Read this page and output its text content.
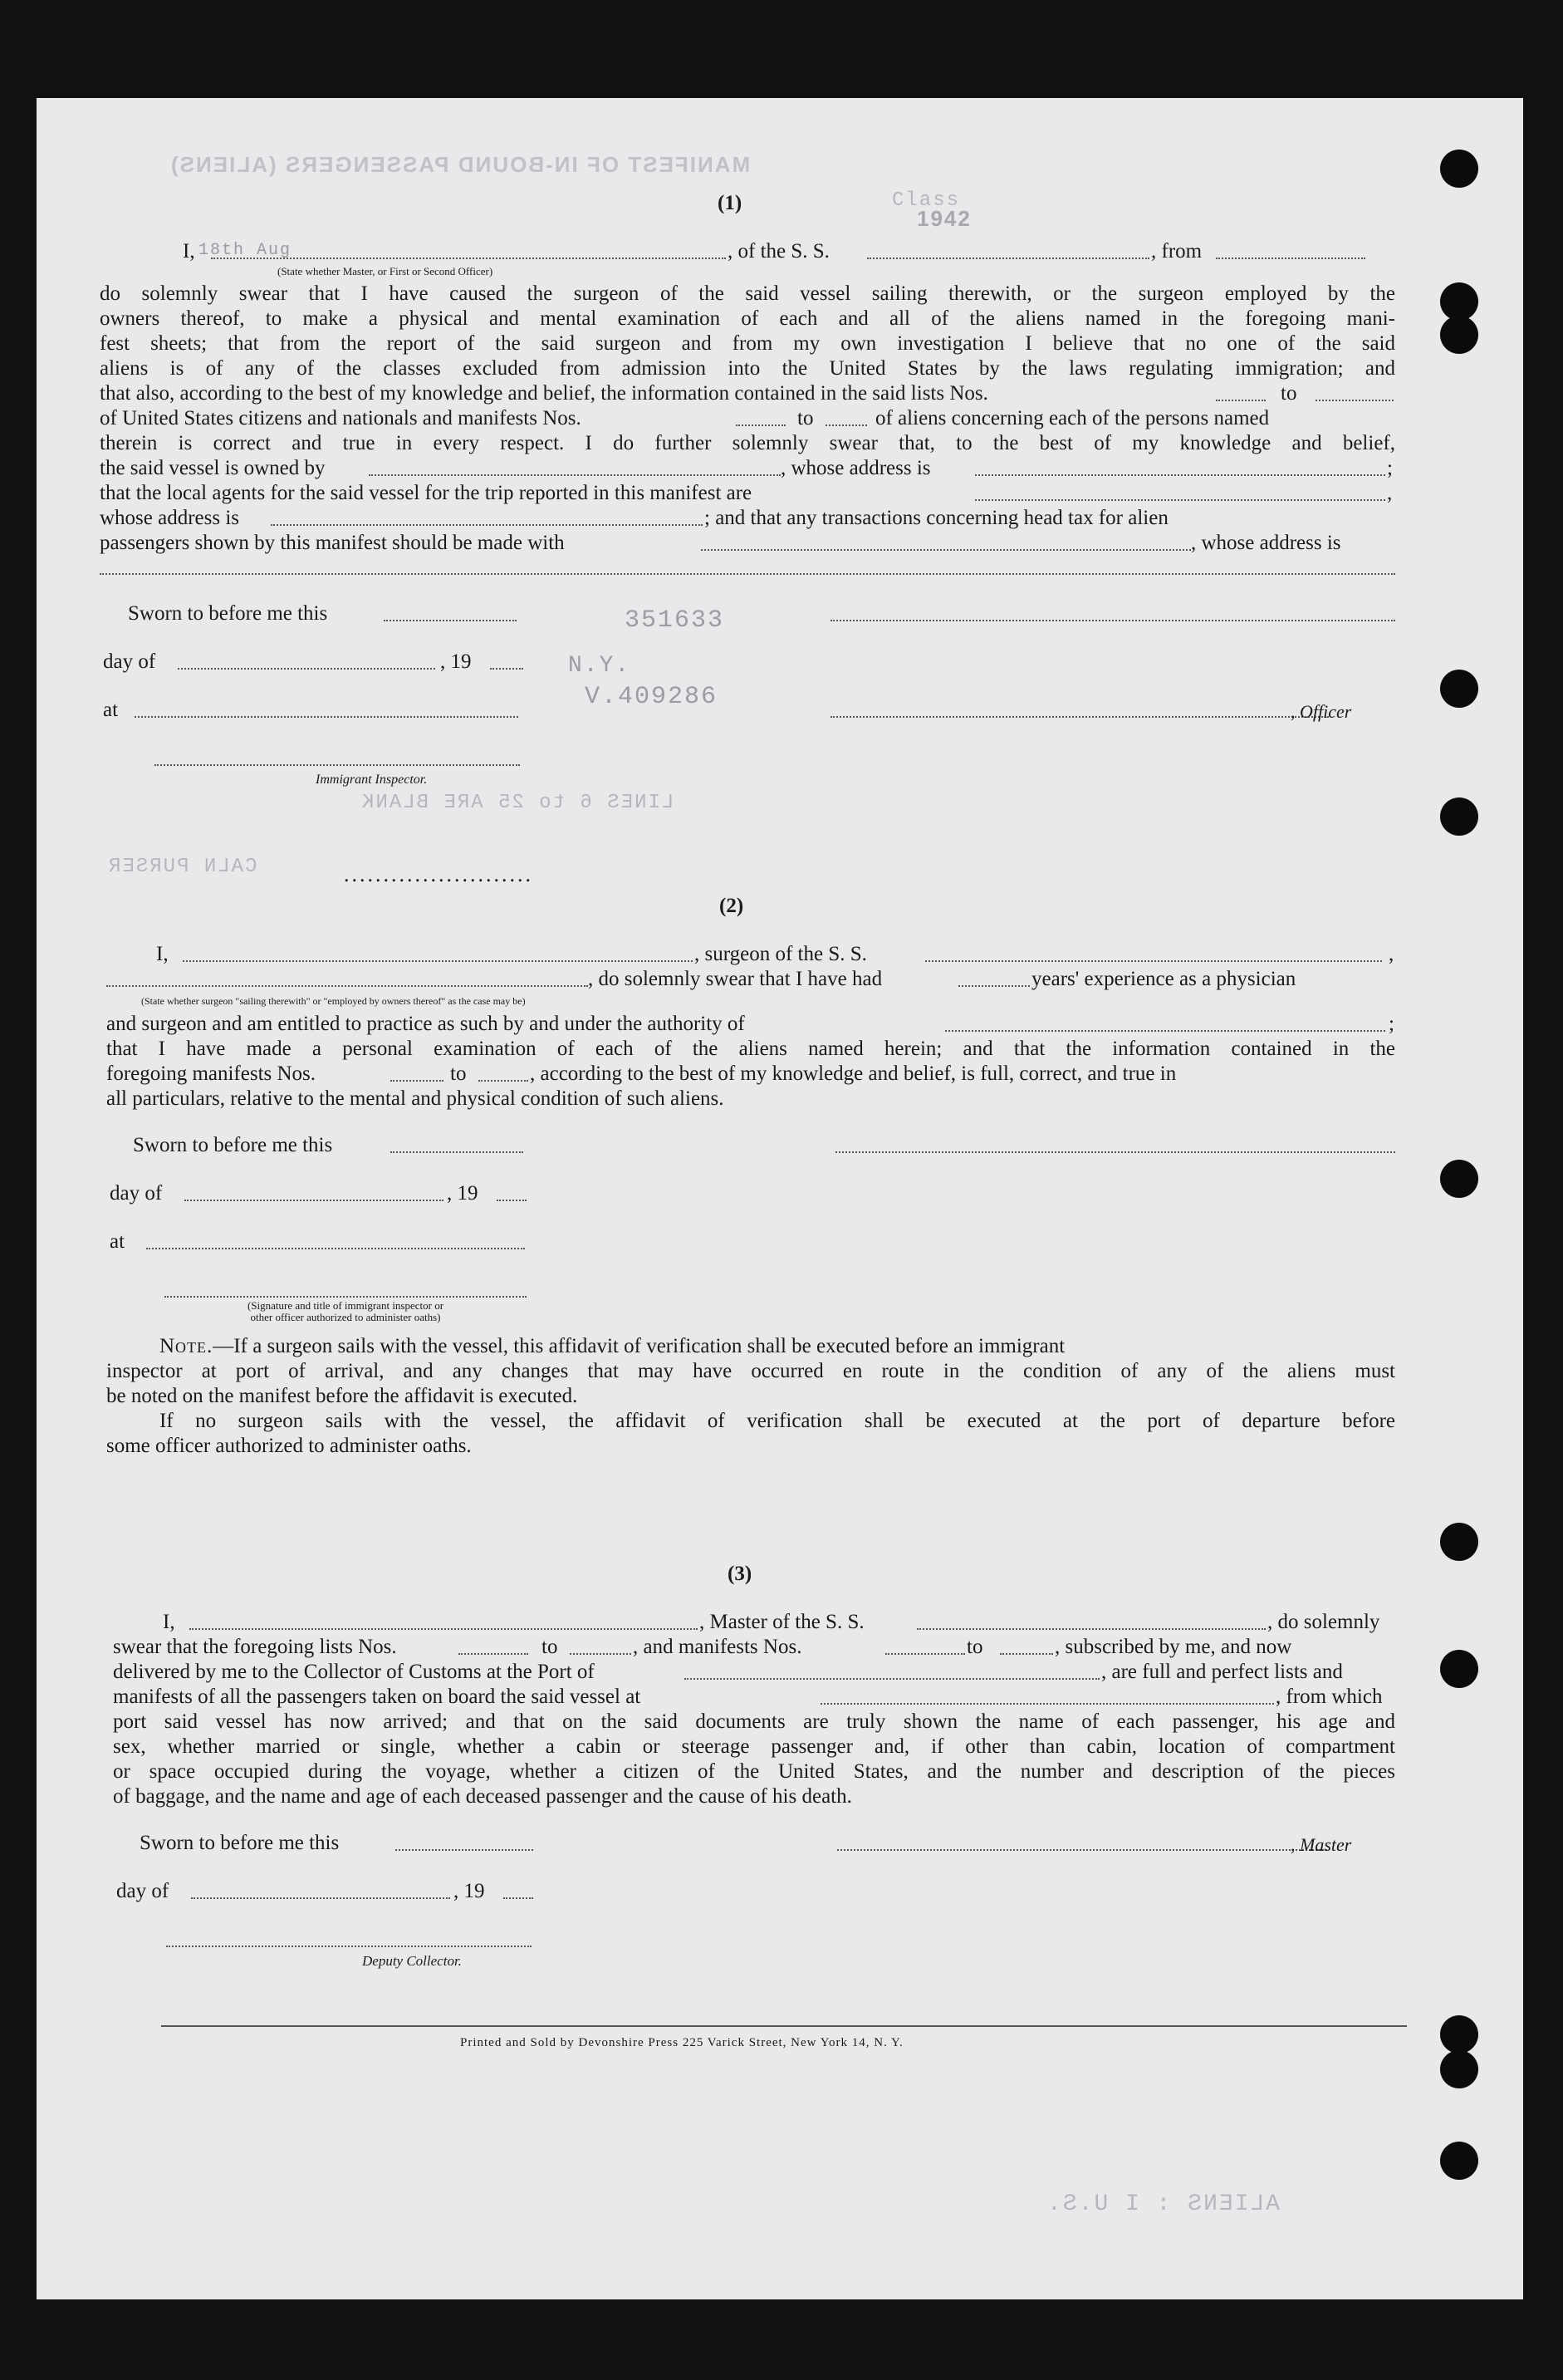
MANIFEST OF IN-BOUND PASSENGERS (ALIENS)
Class
1942
18th Aug
351633
N.Y.
V.409286
LINES 6 to 25 ARE BLANK
CALN PURSER	........................
ALIENS : I U.S.
(1)
I,	, of the S. S.	, from
(State whether Master, or First or Second Officer)
do solemnly swear that I have caused the surgeon of the said vessel sailing therewith, or the surgeon employed by the
owners thereof, to make a physical and mental examination of each and all of the aliens named in the foregoing mani-
fest sheets; that from the report of the said surgeon and from my own investigation I believe that no one of the said
aliens is of any of the classes excluded from admission into the United States by the laws regulating immigration; and
that also, according to the best of my knowledge and belief, the information contained in the said lists Nos.	to
of United States citizens and nationals and manifests Nos.	to	of aliens concerning each of the persons named
therein is correct and true in every respect. I do further solemnly swear that, to the best of my knowledge and belief,
the said vessel is owned by	, whose address is	;
that the local agents for the said vessel for the trip reported in this manifest are	,
whose address is	; and that any transactions concerning head tax for alien
passengers shown by this manifest should be made with	, whose address is
Sworn to before me this
day of	, 19
at	, Officer
Immigrant Inspector.
(2)
I,	, surgeon of the S. S.	,
, do solemnly swear that I have had	years' experience as a physician
(State whether surgeon "sailing therewith" or "employed by owners thereof" as the case may be)
and surgeon and am entitled to practice as such by and under the authority of	;
that I have made a personal examination of each of the aliens named herein; and that the information contained in the
foregoing manifests Nos.	to	, according to the best of my knowledge and belief, is full, correct, and true in
all particulars, relative to the mental and physical condition of such aliens.
Sworn to before me this
day of	, 19
at
(Signature and title of immigrant inspector or
other officer authorized to administer oaths)
Note.—If a surgeon sails with the vessel, this affidavit of verification shall be executed before an immigrant
inspector at port of arrival, and any changes that may have occurred en route in the condition of any of the aliens must
be noted on the manifest before the affidavit is executed.
If no surgeon sails with the vessel, the affidavit of verification shall be executed at the port of departure before
some officer authorized to administer oaths.
(3)
I,	, Master of the S. S.	, do solemnly
swear that the foregoing lists Nos.	to	, and manifests Nos.	to	, subscribed by me, and now
delivered by me to the Collector of Customs at the Port of	, are full and perfect lists and
manifests of all the passengers taken on board the said vessel at	, from which
port said vessel has now arrived; and that on the said documents are truly shown the name of each passenger, his age and
sex, whether married or single, whether a cabin or steerage passenger and, if other than cabin, location of compartment
or space occupied during the voyage, whether a citizen of the United States, and the number and description of the pieces
of baggage, and the name and age of each deceased passenger and the cause of his death.
Sworn to before me this	, Master
day of	, 19
Deputy Collector.
Printed and Sold by Devonshire Press 225 Varick Street, New York 14, N. Y.
